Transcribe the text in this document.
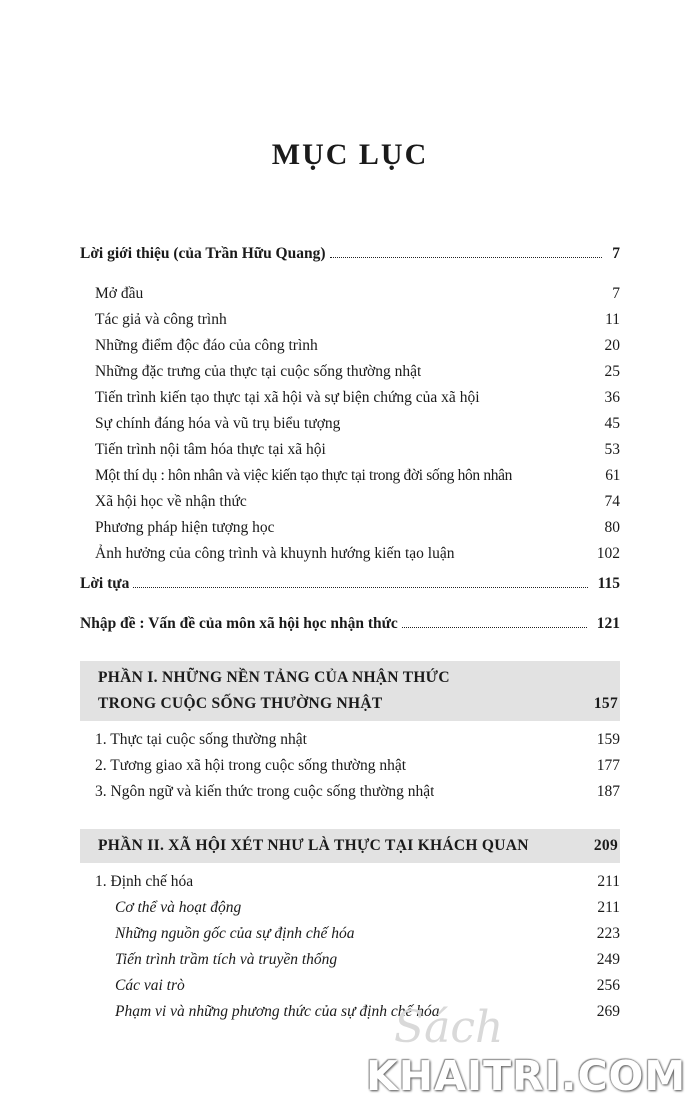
MỤC LỤC
Lời giới thiệu (của Trần Hữu Quang)	7
Mở đầu	7
Tác giả và công trình	11
Những điểm độc đáo của công trình	20
Những đặc trưng của thực tại cuộc sống thường nhật	25
Tiến trình kiến tạo thực tại xã hội và sự biện chứng của xã hội	36
Sự chính đáng hóa và vũ trụ biểu tượng	45
Tiến trình nội tâm hóa thực tại xã hội	53
Một thí dụ : hôn nhân và việc kiến tạo thực tại trong đời sống hôn nhân	61
Xã hội học về nhận thức	74
Phương pháp hiện tượng học	80
Ảnh hưởng của công trình và khuynh hướng kiến tạo luận	102
Lời tựa	115
Nhập đề : Vấn đề của môn xã hội học nhận thức	121
PHẦN I. NHỮNG NỀN TẢNG CỦA NHẬN THỨC
TRONG CUỘC SỐNG THƯỜNG NHẬT	157
1. Thực tại cuộc sống thường nhật	159
2. Tương giao xã hội trong cuộc sống thường nhật	177
3. Ngôn ngữ và kiến thức trong cuộc sống thường nhật	187
PHẦN II. XÃ HỘI XÉT NHƯ LÀ THỰC TẠI KHÁCH QUAN	209
1. Định chế hóa	211
Cơ thể và hoạt động	211
Những nguồn gốc của sự định chế hóa	223
Tiến trình trầm tích và truyền thống	249
Các vai trò	256
Phạm vi và những phương thức của sự định chế hóa	269
Sách
KHAITRI.COM
